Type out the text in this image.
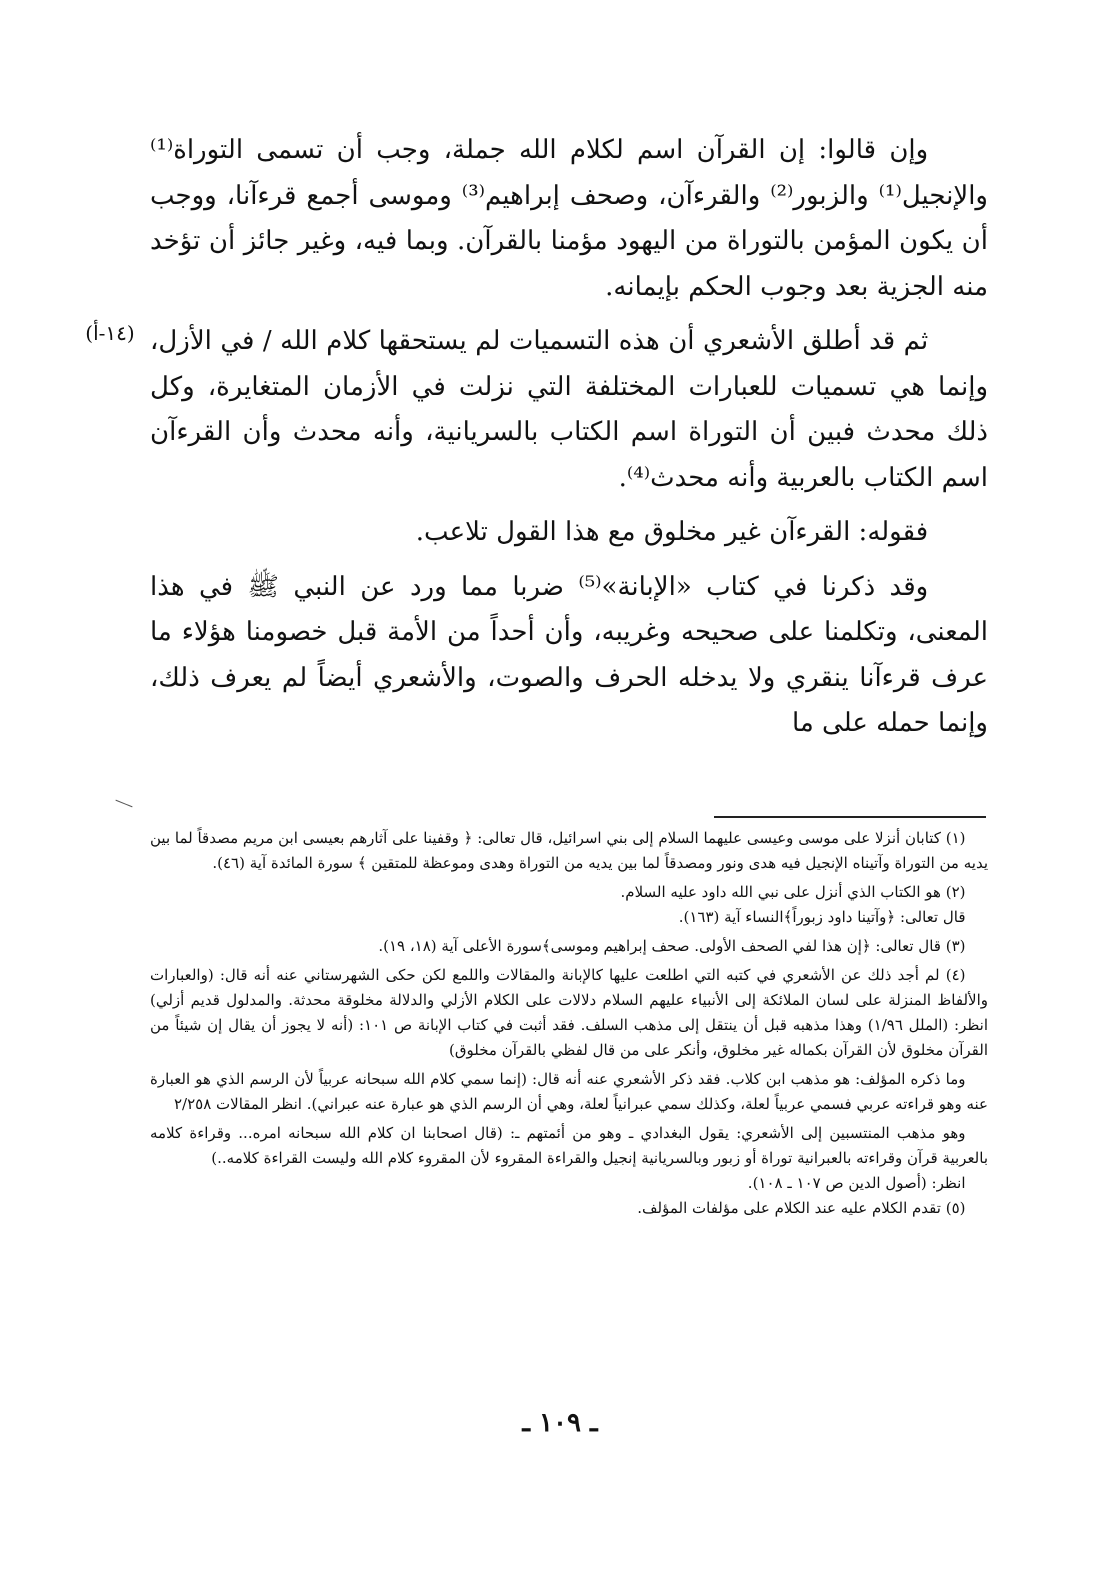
وإن قالوا: إن القرآن اسم لكلام الله جملة، وجب أن تسمى التوراة⁽¹⁾ والإنجيل⁽¹⁾ والزبور⁽²⁾ والقرءآن، وصحف إبراهيم⁽³⁾ وموسى أجمع قرءآنا، ووجب أن يكون المؤمن بالتوراة من اليهود مؤمنا بالقرآن. وبما فيه، وغير جائز أن تؤخد منه الجزية بعد وجوب الحكم بإيمانه.

ثم قد أطلق الأشعري أن هذه التسميات لم يستحقها كلام الله / في الأزل، وإنما هي تسميات للعبارات المختلفة التي نزلت في الأزمان المتغايرة، وكل ذلك محدث فبين أن التوراة اسم الكتاب بالسريانية، وأنه محدث وأن القرءآن اسم الكتاب بالعربية وأنه محدث⁽⁴⁾.

فقوله: القرءآن غير مخلوق مع هذا القول تلاعب.

وقد ذكرنا في كتاب «الإبانة»⁽⁵⁾ ضربا مما ورد عن النبي ﷺ في هذا المعنى، وتكلمنا على صحيحه وغريبه، وأن أحداً من الأمة قبل خصومنا هؤلاء ما عرف قرءآنا ينقري ولا يدخله الحرف والصوت، والأشعري أيضاً لم يعرف ذلك، وإنما حمله على ما

(١٤-أ)

(١) كتابان أنزلا على موسى وعيسى عليهما السلام إلى بني اسرائيل، قال تعالى: ﴿ وقفينا على آثارهم بعيسى ابن مريم مصدقاً لما بين يديه من التوراة وآتيناه الإنجيل فيه هدى ونور ومصدقاً لما بين يديه من التوراة وهدى وموعظة للمتقين ﴾ سورة المائدة آية (٤٦).

(٢) هو الكتاب الذي أنزل على نبي الله داود عليه السلام.

قال تعالى: ﴿وآتينا داود زبوراً﴾النساء آية (١٦٣).

(٣) قال تعالى: ﴿إن هذا لفي الصحف الأولى. صحف إبراهيم وموسى﴾سورة الأعلى آية (١٨، ١٩).

(٤) لم أجد ذلك عن الأشعري في كتبه التي اطلعت عليها كالإبانة والمقالات واللمع لكن حكى الشهرستاني عنه أنه قال: (والعبارات والألفاظ المنزلة على لسان الملائكة إلى الأنبياء عليهم السلام دلالات على الكلام الأزلي والدلالة مخلوقة محدثة. والمدلول قديم أزلي) انظر: (الملل ١/٩٦) وهذا مذهبه قبل أن ينتقل إلى مذهب السلف. فقد أثبت في كتاب الإبانة ص ١٠١: (أنه لا يجوز أن يقال إن شيئاً من القرآن مخلوق لأن القرآن بكماله غير مخلوق، وأنكر على من قال لفظي بالقرآن مخلوق)

وما ذكره المؤلف: هو مذهب ابن كلاب. فقد ذكر الأشعري عنه أنه قال: (إنما سمي كلام الله سبحانه عربياً لأن الرسم الذي هو العبارة عنه وهو قراءته عربي فسمي عربياً لعلة، وكذلك سمي عبرانياً لعلة، وهي أن الرسم الذي هو عبارة عنه عبراني). انظر المقالات ٢/٢٥٨

وهو مذهب المنتسبين إلى الأشعري: يقول البغدادي ـ وهو من أئمتهم ـ: (قال اصحابنا ان كلام الله سبحانه امره... وقراءة كلامه بالعربية قرآن وقراءته بالعبرانية توراة أو زبور وبالسريانية إنجيل والقراءة المقروء لأن المقروء كلام الله وليست القراءة كلامه..)

انظر: (أصول الدين ص ١٠٧ ـ ١٠٨).

(٥) تقدم الكلام عليه عند الكلام على مؤلفات المؤلف.

ـ ١٠٩ ـ
